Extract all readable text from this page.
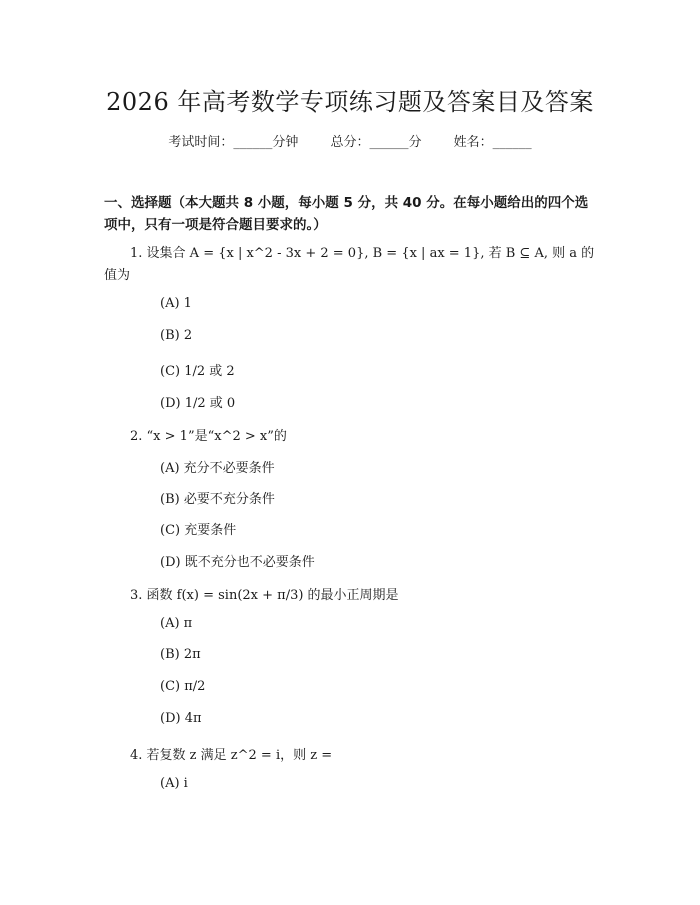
2026 年高考数学专项练习题及答案目及答案
考试时间：______分钟 总分：______分 姓名：______
一、选择题（本大题共 8 小题，每小题 5 分，共 40 分。在每小题给出的四个选项中，只有一项是符合题目要求的。）
1. 设集合 A = {x | x^2 - 3x + 2 = 0}, B = {x | ax = 1}, 若 B ⊆ A, 则 a 的值为
(A) 1
(B) 2
(C) 1/2 或 2
(D) 1/2 或 0
2. “x > 1”是“x^2 > x”的
(A) 充分不必要条件
(B) 必要不充分条件
(C) 充要条件
(D) 既不充分也不必要条件
3. 函数 f(x) = sin(2x + π/3) 的最小正周期是
(A) π
(B) 2π
(C) π/2
(D) 4π
4. 若复数 z 满足 z^2 = i，则 z =
(A) i
